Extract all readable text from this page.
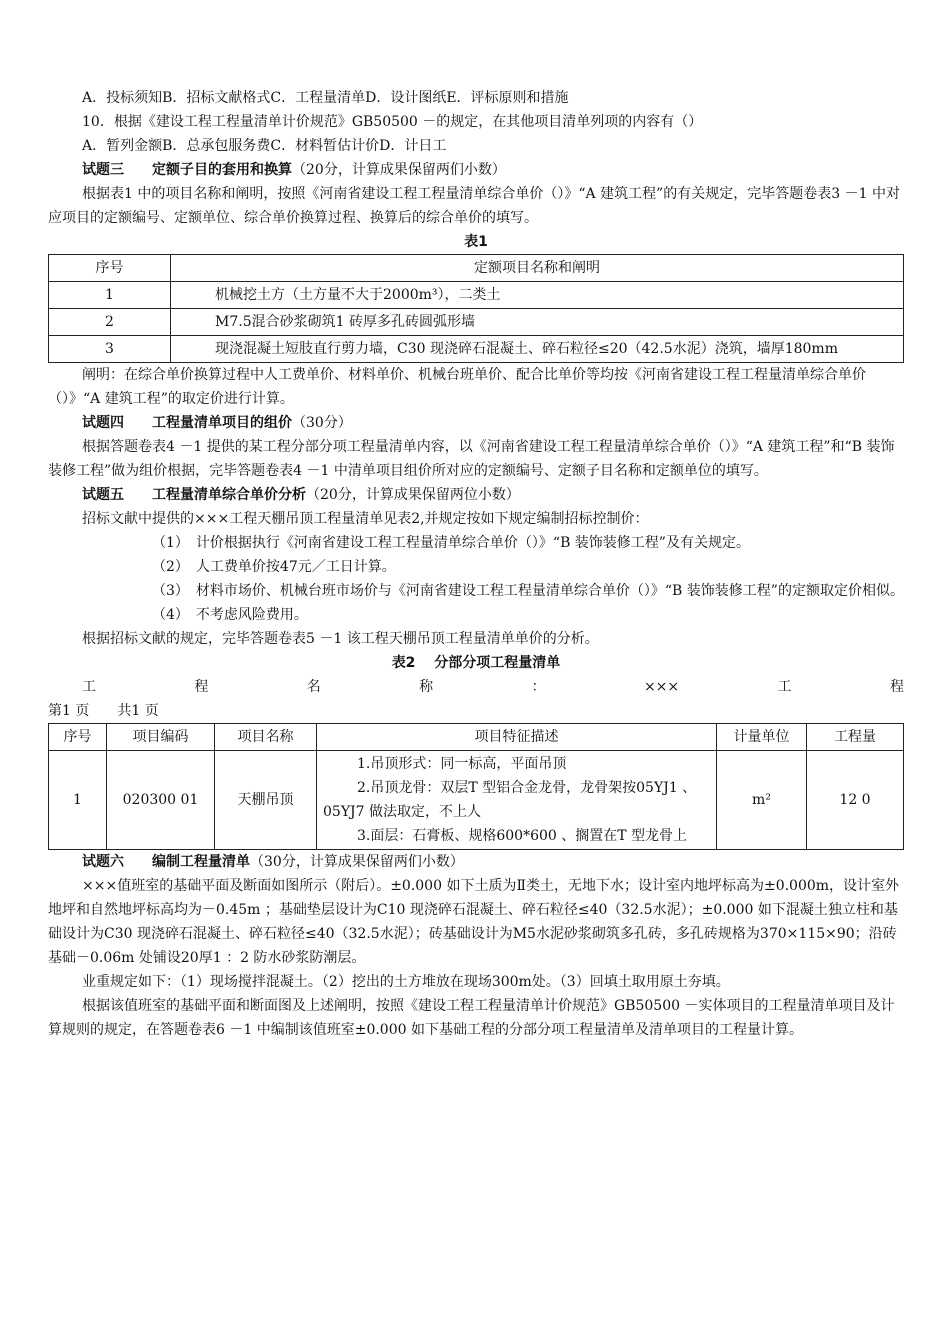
A．投标须知B．招标文献格式C．工程量清单D．设计图纸E．评标原则和措施

10．根据《建设工程工程量清单计价规范》GB50500 －的规定，在其他项目清单列项的内容有（）

A．暂列金额B．总承包服务费C．材料暂估计价D．计日工

试题三　　定额子目的套用和换算（20分，计算成果保留两们小数）

根据表1 中的项目名称和阐明，按照《河南省建设工程工程量清单综合单价（）》“A 建筑工程”的有关规定，完毕答题卷表3 －1 中对应项目的定额编号、定额单位、综合单价换算过程、换算后的综合单价的填写。

表1

序号	定额项目名称和阐明
1	机械挖土方（土方量不大于2000m³），二类土
2	M7.5混合砂浆砌筑1 砖厚多孔砖圆弧形墙
3	现浇混凝土短肢直行剪力墙，C30 现浇碎石混凝土、碎石粒径≤20（42.5水泥）浇筑，墙厚180mm

阐明：在综合单价换算过程中人工费单价、材料单价、机械台班单价、配合比单价等均按《河南省建设工程工程量清单综合单价（）》“A 建筑工程”的取定价进行计算。

试题四　　工程量清单项目的组价（30分）

根据答题卷表4 －1 提供的某工程分部分项工程量清单内容，以《河南省建设工程工程量清单综合单价（）》“A 建筑工程”和“B 装饰装修工程”做为组价根据，完毕答题卷表4 －1 中清单项目组价所对应的定额编号、定额子目名称和定额单位的填写。

试题五　　工程量清单综合单价分析（20分，计算成果保留两位小数）

招标文献中提供的×××工程天棚吊顶工程量清单见表2,并规定按如下规定编制招标控制价：

（1）　计价根据执行《河南省建设工程工程量清单综合单价（）》“B 装饰装修工程”及有关规定。

（2）　人工费单价按47元／工日计算。

（3）　材料市场价、机械台班市场价与《河南省建设工程工程量清单综合单价（）》“B 装饰装修工程”的定额取定价相似。

（4）　不考虑风险费用。

根据招标文献的规定，完毕答题卷表5 －1 该工程天棚吊顶工程量清单单价的分析。

表2　 分部分项工程量清单

工	程	名	称	：	×××	工	程

第1 页　　共1 页

序号	项目编码	项目名称	项目特征描述	计量单位	工程量
1	020300 01	天棚吊顶	1.吊顶形式：同一标高，平面吊顶

2.吊顶龙骨：双层T 型铝合金龙骨，龙骨架按05YJ1 、05YJ7 做法取定，不上人

3.面层：石膏板、规格600*600 、搁置在T 型龙骨上	m²	12 0

试题六　　编制工程量清单（30分，计算成果保留两们小数）

×××值班室的基础平面及断面如图所示（附后）。±0.000 如下土质为Ⅱ类土，无地下水；设计室内地坪标高为±0.000m，设计室外地坪和自然地坪标高均为－0.45m ；基础垫层设计为C10 现浇碎石混凝土、碎石粒径≤40（32.5水泥）；±0.000 如下混凝土独立柱和基础设计为C30 现浇碎石混凝土、碎石粒径≤40（32.5水泥）；砖基础设计为M5水泥砂浆砌筑多孔砖，多孔砖规格为370×115×90；沿砖基础－0.06m 处铺设20厚1 ：2 防水砂浆防潮层。

业重规定如下：（1）现场搅拌混凝土。（2）挖出的土方堆放在现场300m处。（3）回填土取用原土夯填。

根据该值班室的基础平面和断面图及上述阐明，按照《建设工程工程量清单计价规范》GB50500 －实体项目的工程量清单项目及计算规则的规定，在答题卷表6 －1 中编制该值班室±0.000 如下基础工程的分部分项工程量清单及清单项目的工程量计算。
